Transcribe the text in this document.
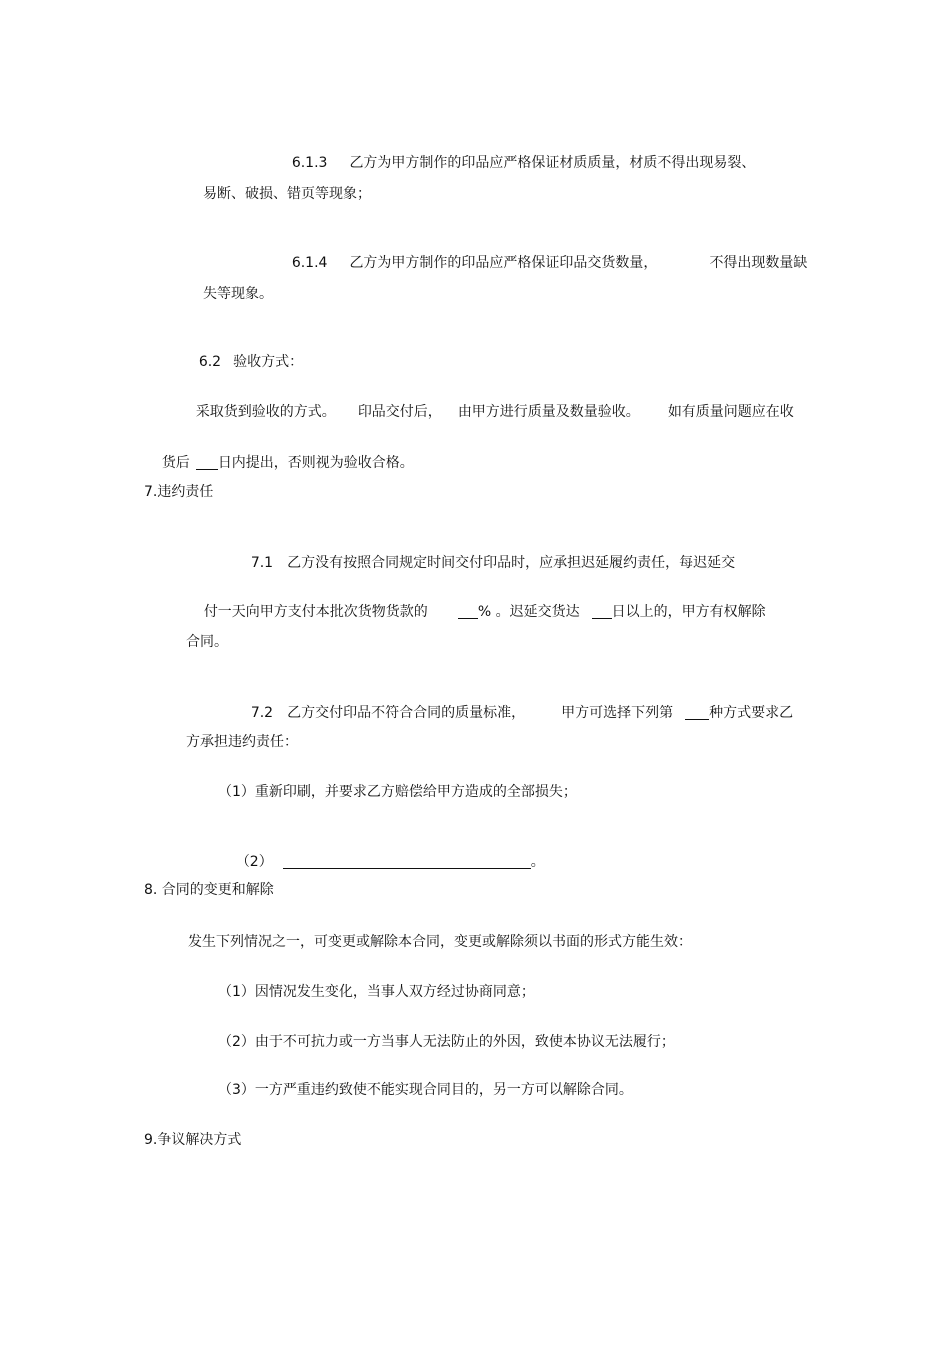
6.1.3 乙方为甲方制作的印品应严格保证材质质量，材质不得出现易裂、

易断、破损、错页等现象；

6.1.4 乙方为甲方制作的印品应严格保证印品交货数量，	不得出现数量缺

失等现象。

6.2 验收方式：

采取货到验收的方式。 印品交付后， 由甲方进行质量及数量验收。 如有质量问题应在收

货后 日内提出，否则视为验收合格。

7.违约责任

7.1 乙方没有按照合同规定时间交付印品时，应承担迟延履约责任，每迟延交

付一天向甲方支付本批次货物货款的	% 。迟延交货达 日以上的，甲方有权解除

合同。

7.2 乙方交付印品不符合合同的质量标准，	甲方可选择下列第	种方式要求乙

方承担违约责任：
（1）重新印刷，并要求乙方赔偿给甲方造成的全部损失；

（2）	。

8. 合同的变更和解除
发生下列情况之一，可变更或解除本合同，变更或解除须以书面的形式方能生效：
（1）因情况发生变化，当事人双方经过协商同意；
（2）由于不可抗力或一方当事人无法防止的外因，致使本协议无法履行；
（3）一方严重违约致使不能实现合同目的，另一方可以解除合同。
9.争议解决方式
